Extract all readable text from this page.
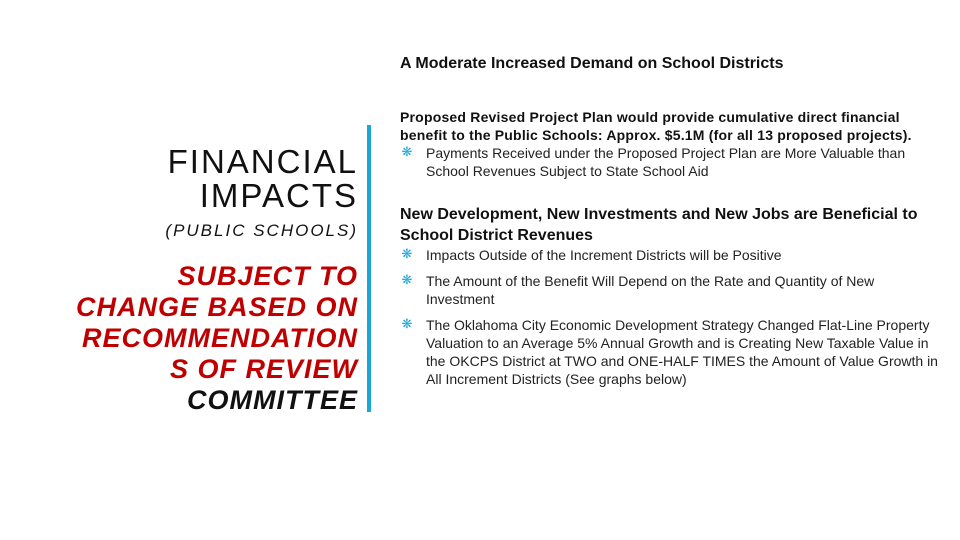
A Moderate Increased Demand on School Districts
FINANCIAL
IMPACTS
(PUBLIC SCHOOLS)
SUBJECT TO
CHANGE BASED ON
RECOMMENDATION
S OF REVIEW
COMMITTEE
Proposed Revised Project Plan would provide cumulative direct financial benefit to the Public Schools: Approx. $5.1M (for all 13 proposed projects).
❋ Payments Received under the Proposed Project Plan are More Valuable than School Revenues Subject to State School Aid
New Development, New Investments and New Jobs are Beneficial to School District Revenues
❋ Impacts Outside of the Increment Districts will be Positive
❋ The Amount of the Benefit Will Depend on the Rate and Quantity of New Investment
❋ The Oklahoma City Economic Development Strategy Changed Flat-Line Property Valuation to an Average 5% Annual Growth and is Creating New Taxable Value in the OKCPS District at TWO and ONE-HALF TIMES the Amount of Value Growth in All Increment Districts (See graphs below)
